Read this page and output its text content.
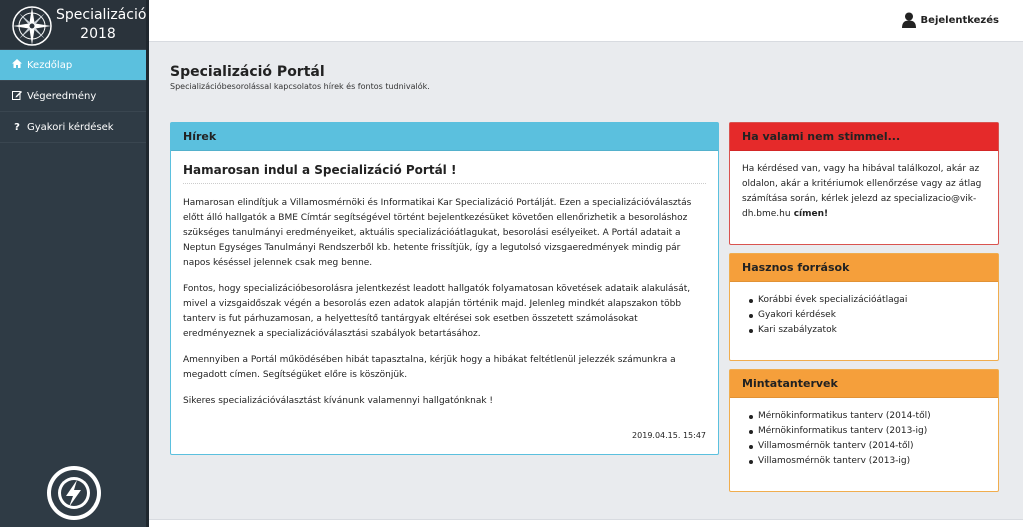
Specializáció
2018
Kezdőlap
Végeredmény
? Gyakori kérdések
Bejelentkezés
Specializáció Portál
Specializációbesorolással kapcsolatos hírek és fontos tudnivalók.
Hírek
Hamarosan indul a Specializáció Portál !

Hamarosan elindítjuk a Villamosmérnöki és Informatikai Kar Specializáció Portálját. Ezen a specializációválasztás előtt álló hallgatók a BME Címtár segítségével történt bejelentkezésüket követően ellenőrizhetik a besoroláshoz szükséges tanulmányi eredményeiket, aktuális specializációátlagukat, besorolási esélyeiket. A Portál adatait a Neptun Egységes Tanulmányi Rendszerből kb. hetente frissítjük, így a legutolsó vizsgaeredmények mindig pár napos késéssel jelennek csak meg benne.

Fontos, hogy specializációbesorolásra jelentkezést leadott hallgatók folyamatosan követések adataik alakulását, mivel a vizsgaidőszak végén a besorolás ezen adatok alapján történik majd. Jelenleg mindkét alapszakon több tanterv is fut párhuzamosan, a helyettesítő tantárgyak eltérései sok esetben összetett számolásokat eredményeznek a specializációválasztási szabályok betartásához.

Amennyiben a Portál működésében hibát tapasztalna, kérjük hogy a hibákat feltétlenül jelezzék számunkra a megadott címen. Segítségüket előre is köszönjük.

Sikeres specializációválasztást kívánunk valamennyi hallgatónknak !

2019.04.15. 15:47
Ha valami nem stimmel...
Ha kérdésed van, vagy ha hibával találkozol, akár az oldalon, akár a kritériumok ellenőrzése vagy az átlag számítása során, kérlek jelezd az specializacio@vik-dh.bme.hu címen!
Hasznos források
Korábbi évek specializációátlagai
Gyakori kérdések
Kari szabályzatok
Mintatantervek
Mérnökinformatikus tanterv (2014-től)
Mérnökinformatikus tanterv (2013-ig)
Villamosmérnök tanterv (2014-től)
Villamosmérnök tanterv (2013-ig)
